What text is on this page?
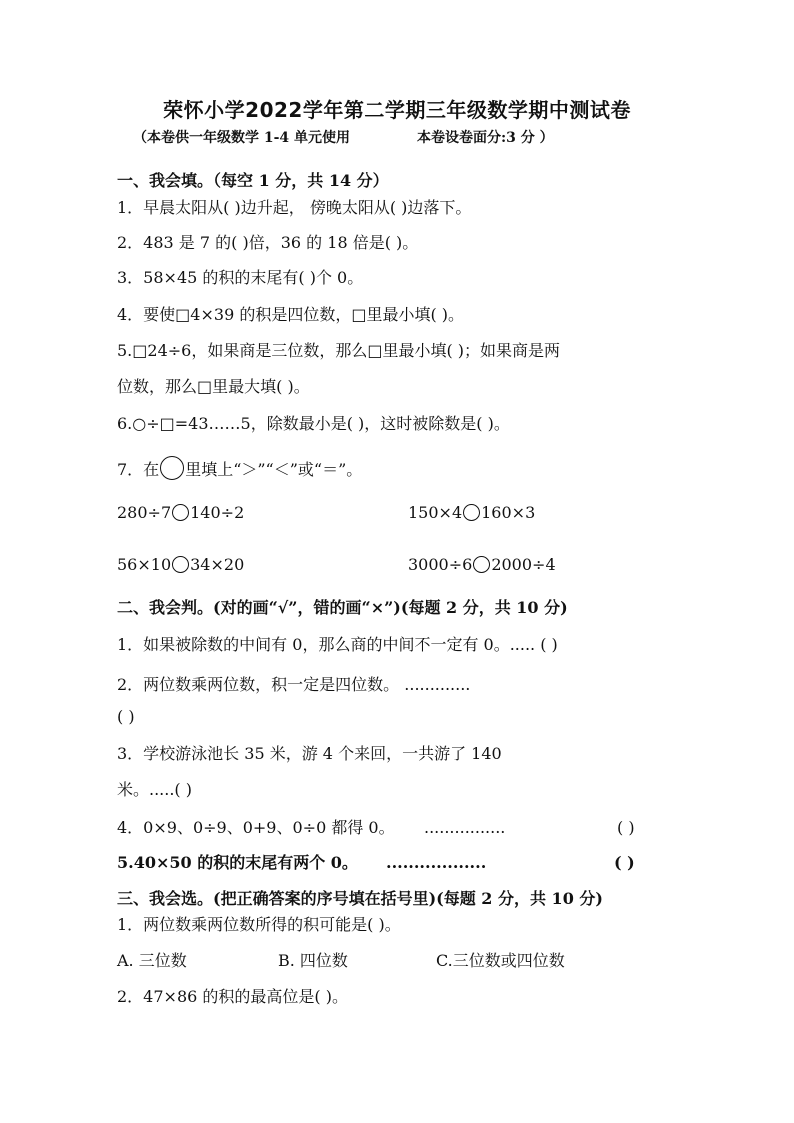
荣怀小学2022学年第二学期三年级数学期中测试卷
（本卷供一年级数学 1-4 单元使用	本卷设卷面分:3 分 ）
一、我会填。（每空 1 分，共 14 分）
1．早晨太阳从( )边升起， 傍晚太阳从( )边落下。
2．483 是 7 的( )倍，36 的 18 倍是( )。
3．58×45 的积的末尾有( )个 0。
4．要使□4×39 的积是四位数，□里最小填( )。
5.□24÷6，如果商是三位数，那么□里最小填( )；如果商是两
位数，那么□里最大填( )。
6.○÷□=43……5，除数最小是( )，这时被除数是( )。
7．在 里填上“＞”“＜”或“＝”。
280÷7 140÷2	150×4 160×3
56×10 34×20	3000÷6 2000÷4
二、我会判。(对的画“√”，错的画“×”)(每题 2 分，共 10 分)
1．如果被除数的中间有 0，那么商的中间不一定有 0。..... ( )
2．两位数乘两位数，积一定是四位数。 .............
( )
3．学校游泳池长 35 米，游 4 个来回，一共游了 140
米。.....( )
4．0×9、0÷9、0+9、0÷0 都得 0。 ................	( )
5.40×50 的积的末尾有两个 0。 ..................	( )
三、我会选。(把正确答案的序号填在括号里)(每题 2 分，共 10 分)
1．两位数乘两位数所得的积可能是( )。
A. 三位数	B. 四位数	C.三位数或四位数
2．47×86 的积的最高位是( )。
